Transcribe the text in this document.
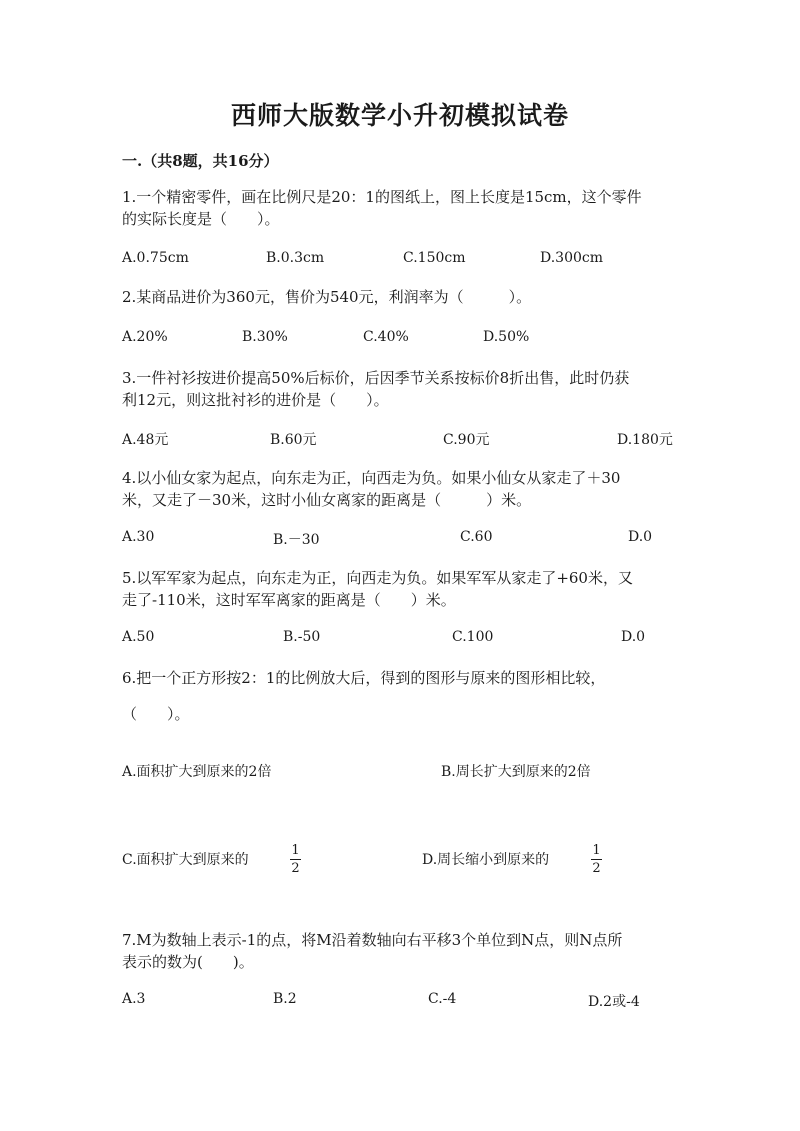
西师大版数学小升初模拟试卷
一.（共8题，共16分）
1.一个精密零件，画在比例尺是20：1的图纸上，图上长度是15cm，这个零件
的实际长度是（　　）。
A.0.75cm	B.0.3cm	C.150cm	D.300cm
2.某商品进价为360元，售价为540元，利润率为（　　　）。
A.20%	B.30%	C.40%	D.50%
3.一件衬衫按进价提高50%后标价，后因季节关系按标价8折出售，此时仍获
利12元，则这批衬衫的进价是（　　）。
A.48元	B.60元	C.90元	D.180元
4.以小仙女家为起点，向东走为正，向西走为负。如果小仙女从家走了＋30
米，又走了－30米，这时小仙女离家的距离是（　　　）米。
A.30	B.－30	C.60	D.0
5.以军军家为起点，向东走为正，向西走为负。如果军军从家走了+60米，又
走了-110米，这时军军离家的距离是（　　）米。
A.50	B.-50	C.100	D.0
6.把一个正方形按2：1的比例放大后，得到的图形与原来的图形相比较，
（　　）。
A.面积扩大到原来的2倍	B.周长扩大到原来的2倍
C.面积扩大到原来的
1
2
D.周长缩小到原来的
1
2
7.M为数轴上表示-1的点，将M沿着数轴向右平移3个单位到N点，则N点所
表示的数为(　　)。
A.3	B.2	C.-4	D.2或-4
